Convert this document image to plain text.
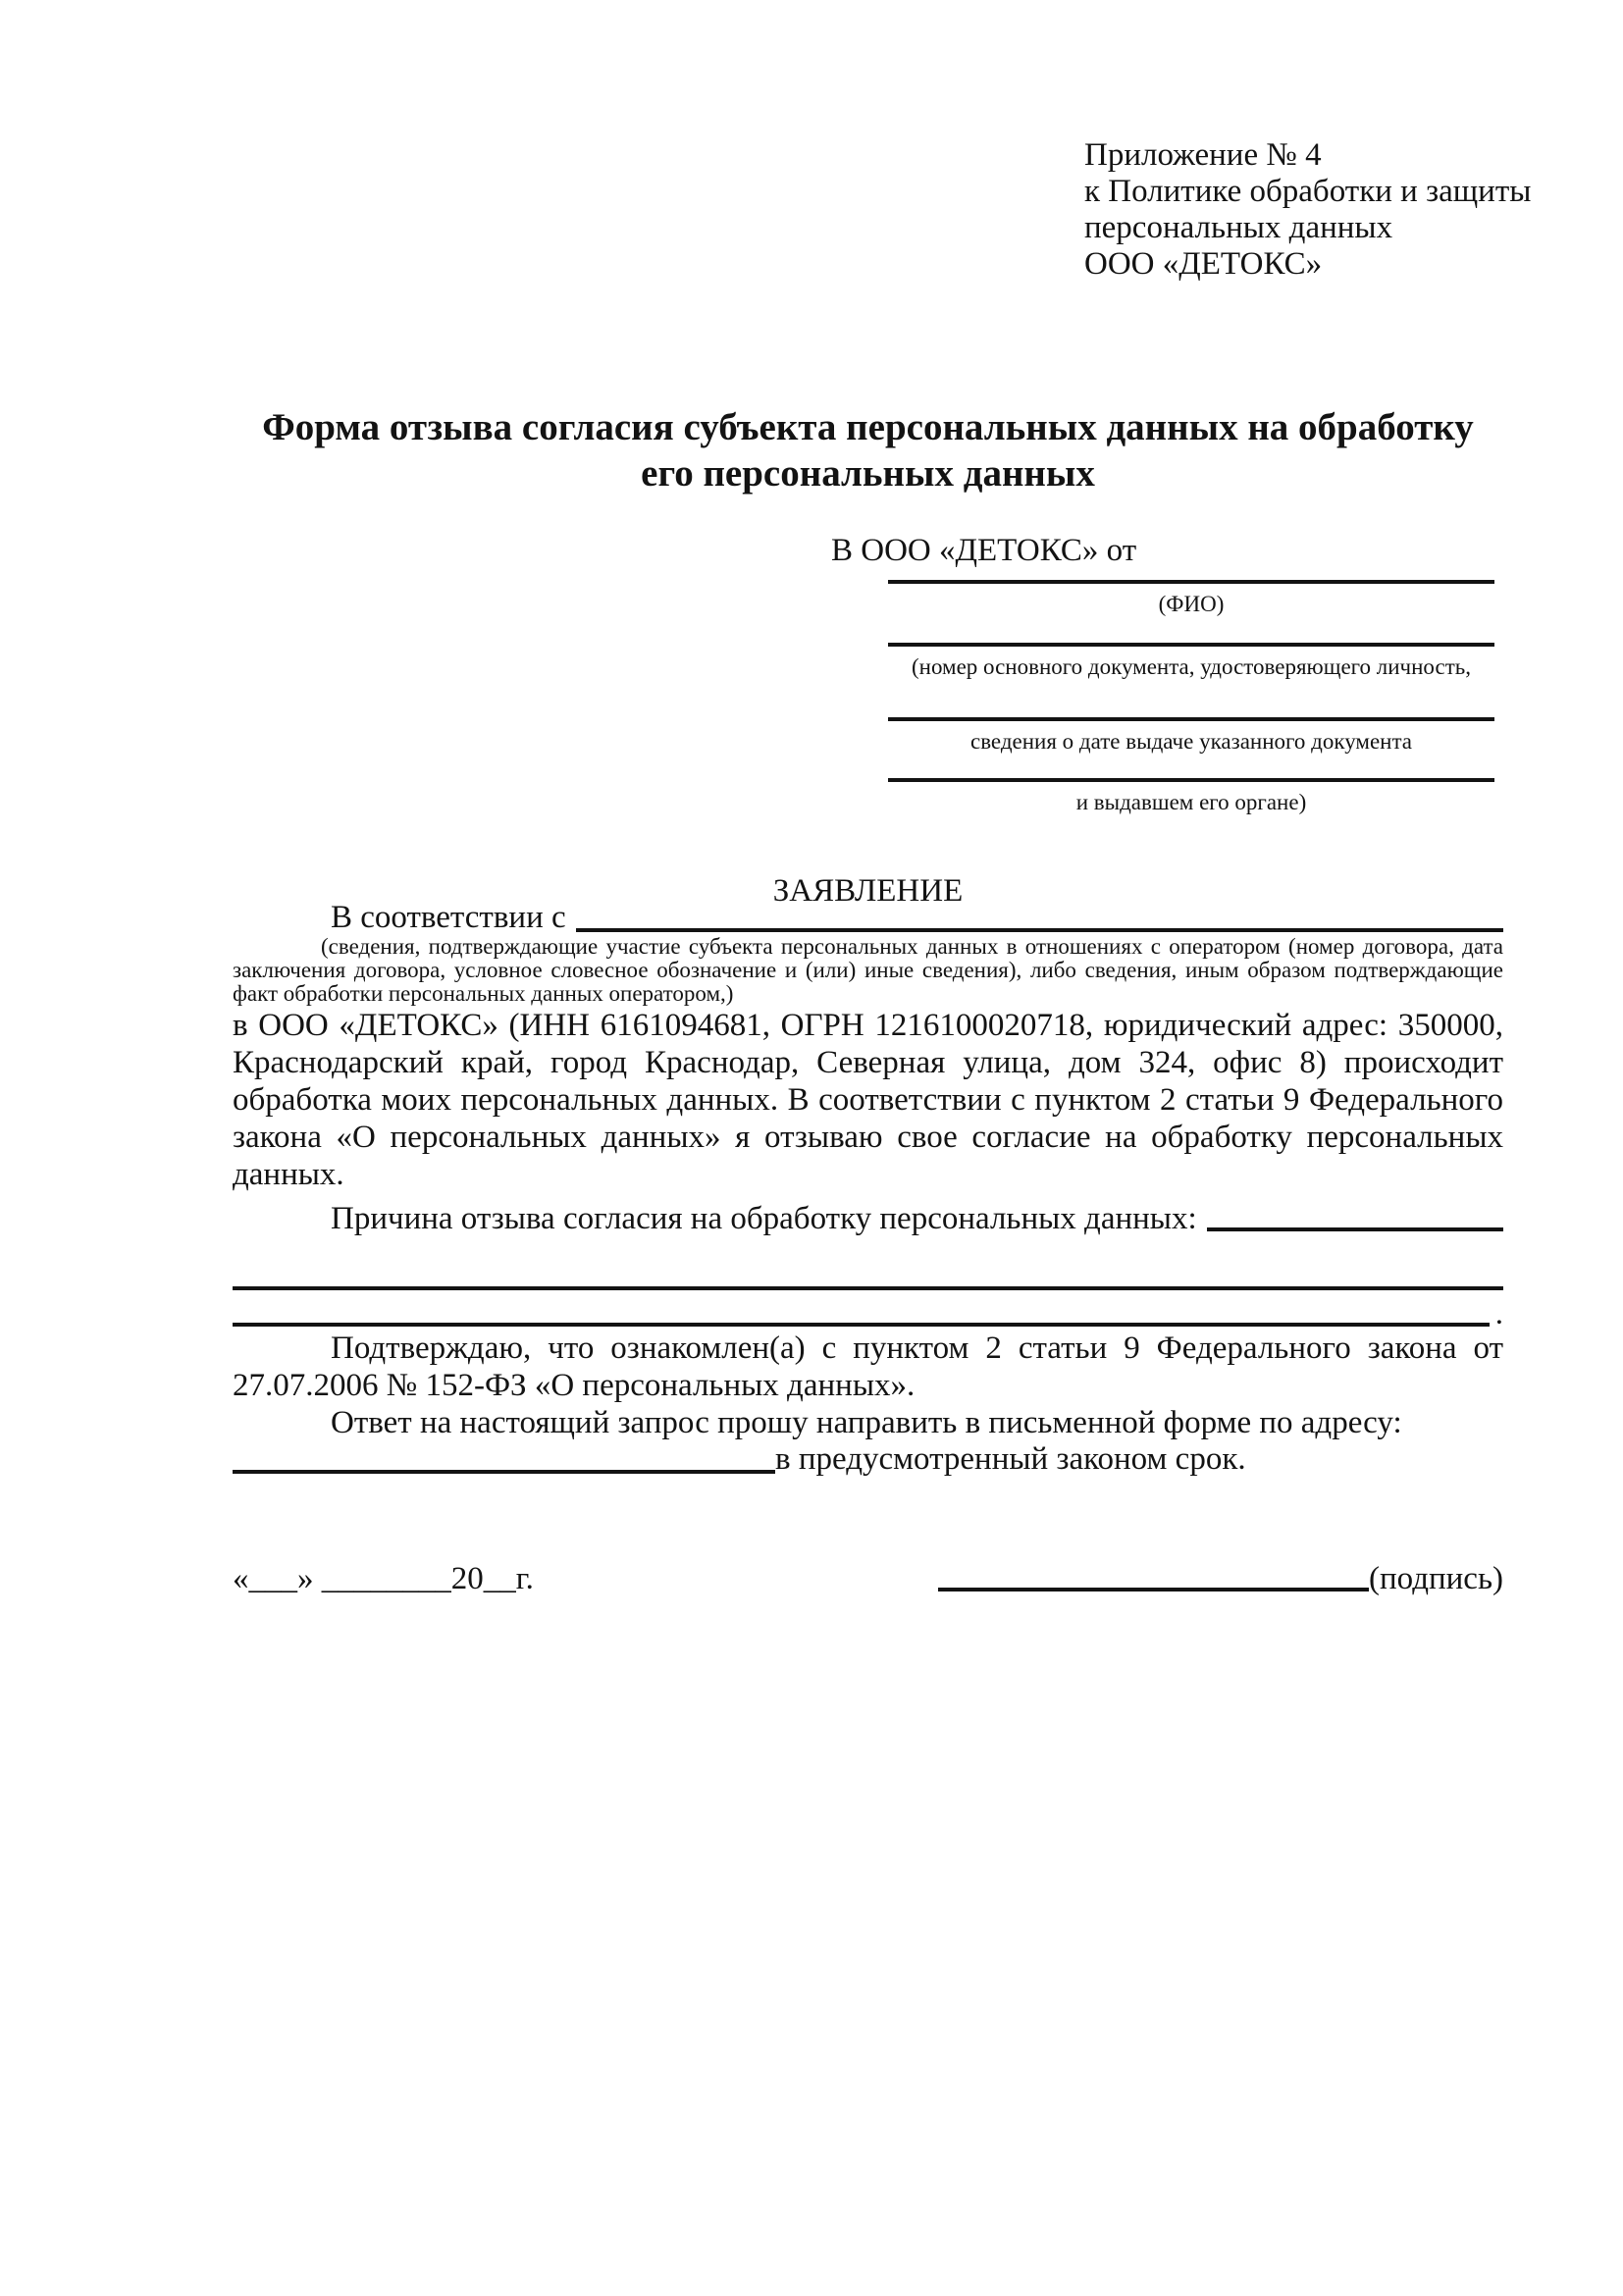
Приложение № 4
к Политике обработки и защиты
персональных данных
ООО «ДЕТОКС»
Форма отзыва согласия субъекта персональных данных на обработку его персональных данных
В ООО «ДЕТОКС» от
(ФИО)
(номер основного документа, удостоверяющего личность,
сведения о дате выдаче указанного документа
и выдавшем его органе)
ЗАЯВЛЕНИЕ
В соответствии с
(сведения, подтверждающие участие субъекта персональных данных в отношениях с оператором (номер договора, дата заключения договора, условное словесное обозначение и (или) иные сведения), либо сведения, иным образом подтверждающие факт обработки персональных данных оператором,)
в ООО «ДЕТОКС» (ИНН 6161094681, ОГРН 1216100020718, юридический адрес: 350000, Краснодарский край, город Краснодар, Северная улица, дом 324, офис 8) происходит обработка моих персональных данных. В соответствии с пунктом 2 статьи 9 Федерального закона «О персональных данных» я отзываю свое согласие на обработку персональных данных.
Причина отзыва согласия на обработку персональных данных:
.
Подтверждаю, что ознакомлен(а) с пунктом 2 статьи 9 Федерального закона от 27.07.2006 № 152-ФЗ «О персональных данных».
Ответ на настоящий запрос прошу направить в письменной форме по адресу:
в предусмотренный законом срок.
«___» ________20__г.	(подпись)
